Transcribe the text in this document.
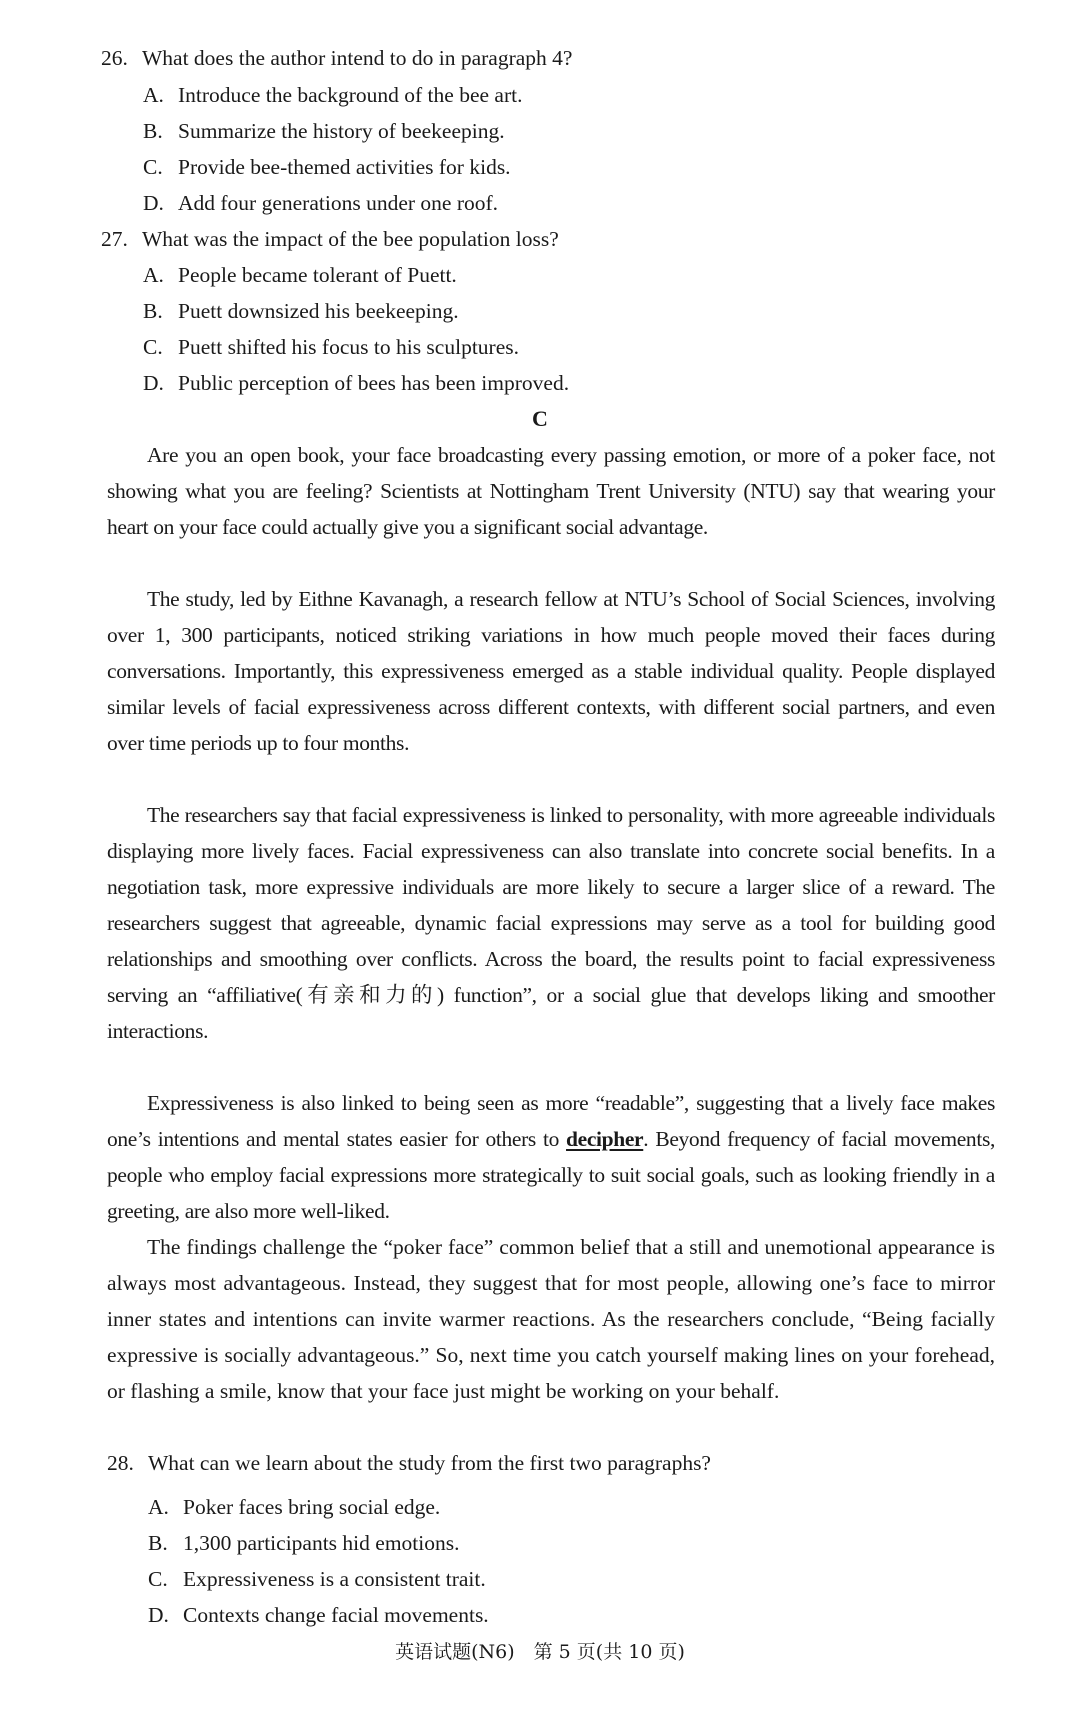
26. What does the author intend to do in paragraph 4?
A. Introduce the background of the bee art.
B. Summarize the history of beekeeping.
C. Provide bee-themed activities for kids.
D. Add four generations under one roof.
27. What was the impact of the bee population loss?
A. People became tolerant of Puett.
B. Puett downsized his beekeeping.
C. Puett shifted his focus to his sculptures.
D. Public perception of bees has been improved.
C

Are you an open book, your face broadcasting every passing emotion, or more of a poker face, not showing what you are feeling? Scientists at Nottingham Trent University (NTU) say that wearing your heart on your face could actually give you a significant social advantage.

The study, led by Eithne Kavanagh, a research fellow at NTU’s School of Social Sciences, involving over 1, 300 participants, noticed striking variations in how much people moved their faces during conversations. Importantly, this expressiveness emerged as a stable individual quality. People displayed similar levels of facial expressiveness across different contexts, with different social partners, and even over time periods up to four months.

The researchers say that facial expressiveness is linked to personality, with more agreeable individuals displaying more lively faces. Facial expressiveness can also translate into concrete social benefits. In a negotiation task, more expressive individuals are more likely to secure a larger slice of a reward. The researchers suggest that agreeable, dynamic facial expressions may serve as a tool for building good relationships and smoothing over conflicts. Across the board, the results point to facial expressiveness serving an “affiliative(有亲和力的) function”, or a social glue that develops liking and smoother interactions.

Expressiveness is also linked to being seen as more “readable”, suggesting that a lively face makes one’s intentions and mental states easier for others to decipher. Beyond frequency of facial movements, people who employ facial expressions more strategically to suit social goals, such as looking friendly in a greeting, are also more well-liked.

The findings challenge the “poker face” common belief that a still and unemotional appearance is always most advantageous. Instead, they suggest that for most people, allowing one’s face to mirror inner states and intentions can invite warmer reactions. As the researchers conclude, “Being facially expressive is socially advantageous.” So, next time you catch yourself making lines on your forehead, or flashing a smile, know that your face just might be working on your behalf.

28. What can we learn about the study from the first two paragraphs?
A. Poker faces bring social edge.
B. 1,300 participants hid emotions.
C. Expressiveness is a consistent trait.
D. Contexts change facial movements.
英语试题(N6)　第 5 页(共 10 页)
